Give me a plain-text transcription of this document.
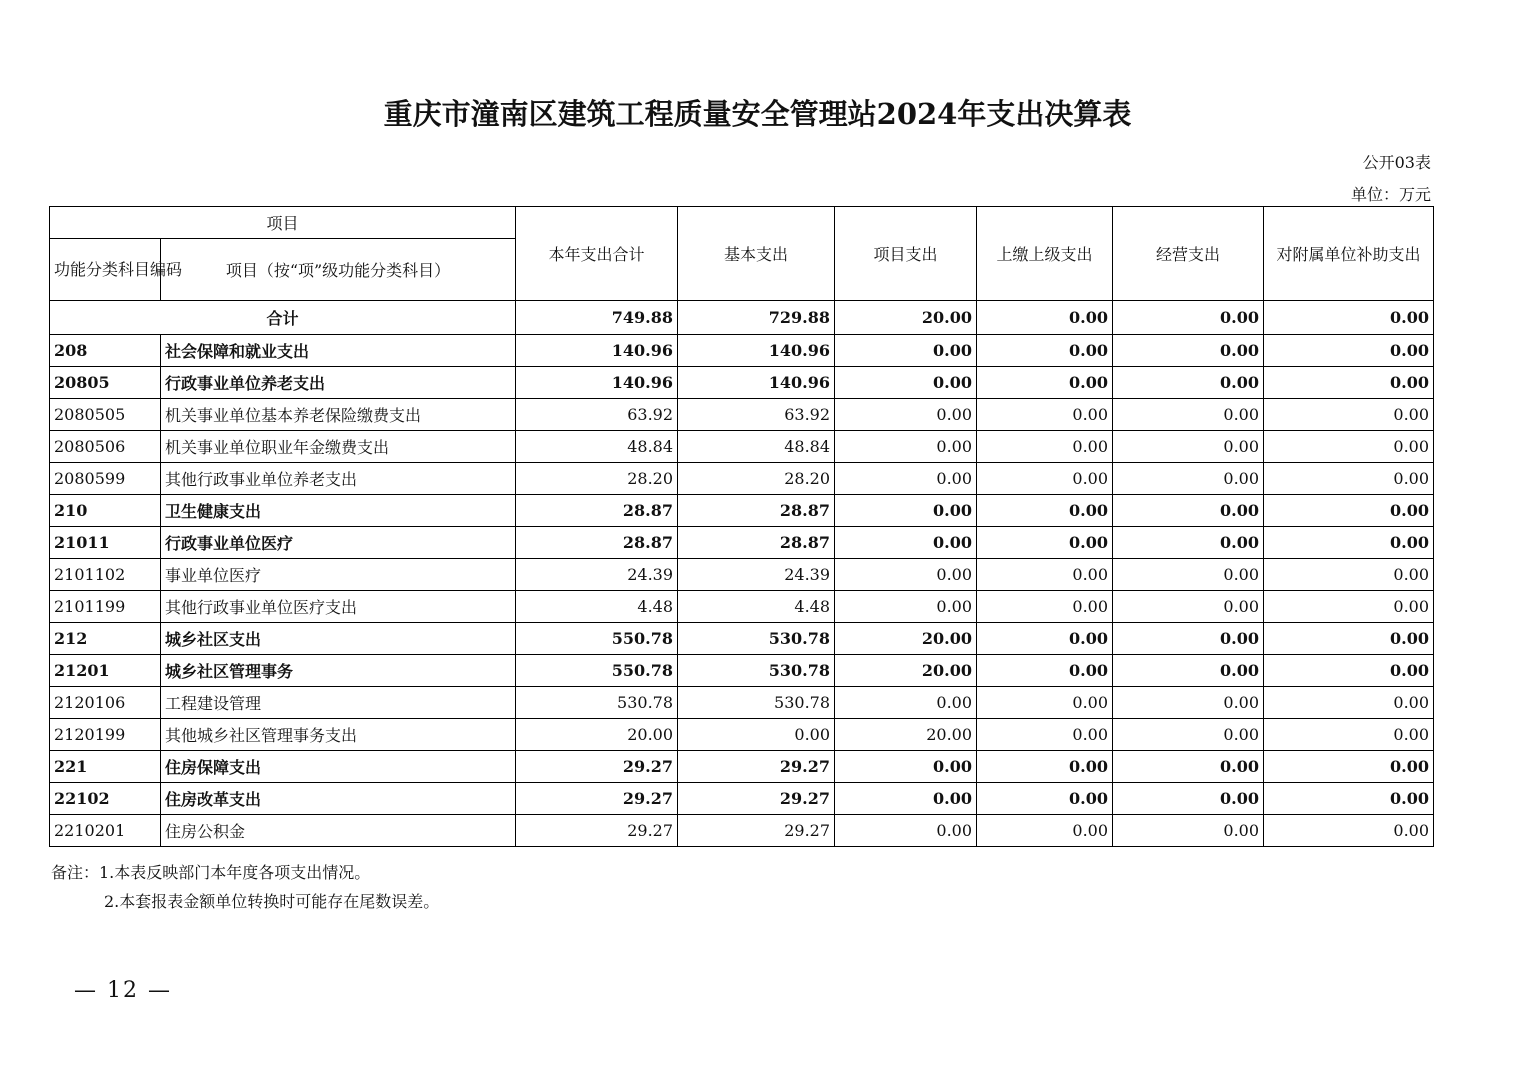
重庆市潼南区建筑工程质量安全管理站2024年支出决算表
公开03表
单位：万元
项目		本年支出合计	基本支出	项目支出	上缴上级支出	经营支出	对附属单位补助支出
功能分类科目编码	项目（按“项”级功能分类科目）						
合计		749.88	729.88	20.00	0.00	0.00	0.00
208	社会保障和就业支出	140.96	140.96	0.00	0.00	0.00	0.00
20805	行政事业单位养老支出	140.96	140.96	0.00	0.00	0.00	0.00
2080505	机关事业单位基本养老保险缴费支出	63.92	63.92	0.00	0.00	0.00	0.00
2080506	机关事业单位职业年金缴费支出	48.84	48.84	0.00	0.00	0.00	0.00
2080599	其他行政事业单位养老支出	28.20	28.20	0.00	0.00	0.00	0.00
210	卫生健康支出	28.87	28.87	0.00	0.00	0.00	0.00
21011	行政事业单位医疗	28.87	28.87	0.00	0.00	0.00	0.00
2101102	事业单位医疗	24.39	24.39	0.00	0.00	0.00	0.00
2101199	其他行政事业单位医疗支出	4.48	4.48	0.00	0.00	0.00	0.00
212	城乡社区支出	550.78	530.78	20.00	0.00	0.00	0.00
21201	城乡社区管理事务	550.78	530.78	20.00	0.00	0.00	0.00
2120106	工程建设管理	530.78	530.78	0.00	0.00	0.00	0.00
2120199	其他城乡社区管理事务支出	20.00	0.00	20.00	0.00	0.00	0.00
221	住房保障支出	29.27	29.27	0.00	0.00	0.00	0.00
22102	住房改革支出	29.27	29.27	0.00	0.00	0.00	0.00
2210201	住房公积金	29.27	29.27	0.00	0.00	0.00	0.00
备注：1.本表反映部门本年度各项支出情况。
2.本套报表金额单位转换时可能存在尾数误差。
— 12 —
